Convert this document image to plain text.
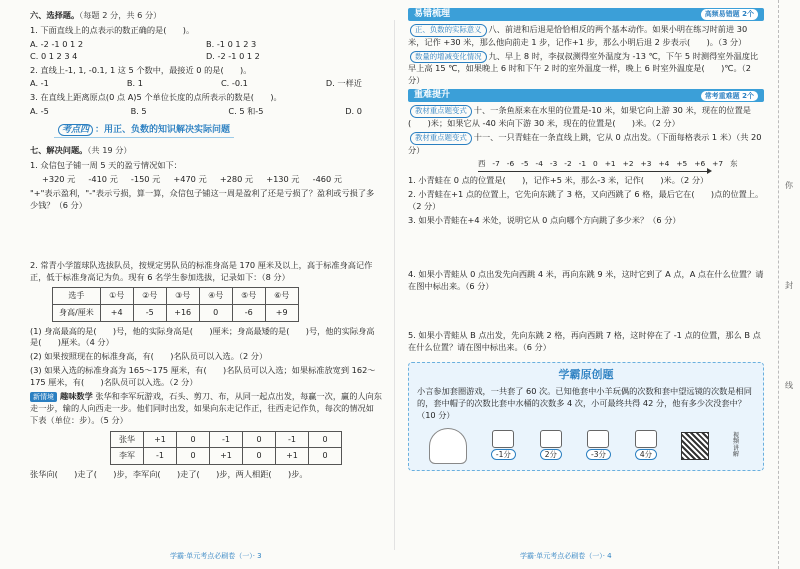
六、选择题。（每题 2 分，共 6 分）
1. 下面直线上的点表示的数正确的是(　　)。
A. -2 -1 0 1 2	B. -1 0 1 2 3
C. 0 1 2 3 4	D. -2 -1 0 1 2
2. 直线上-1, 1, -0.1, 1 这 5 个数中，最接近 0 的是(　　)。
A. -1	B. 1	C. -0.1	D. 一样近
3. 在直线上距离原点(0 点 A)5 个单位长度的点所表示的数是(　　)。
A. -5	B. 5	C. 5 和-5	D. 0
考点四 ：用正、负数的知识解决实际问题
七、解决问题。（共 19 分）
1. 众信包子铺一周 5 天的盈亏情况如下：
+320 元 -410 元 -150 元 +470 元 +280 元 +130 元 -460 元
"+"表示盈利，"-"表示亏损，算一算，众信包子铺这一周是盈利了还是亏损了？盈利或亏损了多少钱？（6 分）
2. 常青小学篮球队选拔队员，按规定男队员的标准身高是 170 厘米及以上，高于标准身高记作正，低于标准身高记为负。现有 6 名学生参加选拔，记录如下：（8 分）
选手	①号	②号	③号	④号	⑤号	⑥号
身高/厘米	+4	-5	+16	0	-6	+9
(1) 身高最高的是(　　)号，他的实际身高是(　　)厘米；身高最矮的是(　　)号，他的实际身高是(　　)厘米。（4 分）
(2) 如果按照现在的标准身高，有(　　)名队员可以入选。（2 分）
(3) 如果入选的标准身高为 165～175 厘米，有(　　)名队员可以入选；如果标准放宽到 162～175 厘米，有(　　)名队员可以入选。（2 分）
新情境 趣味数学 张华和李军玩游戏，石头、剪刀、布，从同一起点出发，每赢一次，赢的人向东走一步，输的人向西走一步。他们同时出发，如果向东走记作正，往西走记作负，每次的情况如下表（单位：步）。（5 分）
张华	+1	0	-1	0	-1	0
李军	-1	0	+1	0	+1	0
张华向(　　)走了(　　)步，李军向(　　)走了(　　)步，两人相距(　　)步。
学霸·单元考点必刷卷（一）· 3
易错梳理	高频易错题 2个
正、负数的实际意义 八、前进和后退是恰恰相反的两个基本动作。如果小明在练习时前进 30 米，记作 +30 米，那么他向前走 1 步，记作+1 步，那么小明后退 2 步表示(　　)。（3 分）
数量的增减变化情况 九、早上 8 时，李叔叔测得室外温度为 -13 ℃，下午 5 时测得室外温度比早上高 15 ℃，如果晚上 6 时和下午 2 时的室外温度一样，晚上 6 时室外温度是(　　)℃。（2 分）
重难提升	常考重难题 2个
教材重点题变式 十、一条鱼原来在水里的位置是-10 米，如果它向上游 30 米，现在的位置是(　　)米；如果它从 -40 米向下游 30 米，现在的位置是(　　)米。（2 分）
教材重点题变式 十一、一只青蛙在一条直线上跳，它从 0 点出发。（下面每格表示 1 米）（共 20 分）
西 -7 -6 -5 -4 -3 -2 -1 0 +1 +2 +3 +4 +5 +6 +7 东
1. 小青蛙在 0 点的位置是(　　)，记作+5 米，那么-3 米，记作(　　)米。（2 分）
2. 小青蛙在+1 点的位置上，它先向东跳了 3 格，又向西跳了 6 格，最后它在(　　)点的位置上。（2 分）
3. 如果小青蛙在+4 米处，说明它从 0 点向哪个方向跳了多少米？（6 分）
4. 如果小青蛙从 0 点出发先向西跳 4 米，再向东跳 9 米，这时它到了 A 点，A 点在什么位置？请在图中标出来。（6 分）
5. 如果小青蛙从 B 点出发，先向东跳 2 格，再向西跳 7 格，这时停在了 -1 点的位置，那么 B 点在什么位置？请在图中标出来。（6 分）
学霸原创题
小言参加套圈游戏，一共套了 60 次。已知他套中小羊玩偶的次数和套中望远镜的次数是相同的，套中帽子的次数比套中水桶的次数多 4 次，小可最终共得 42 分，他有多少次没套中？（10 分）
-1分	2分	-3分	4分
视频讲解
学霸·单元考点必刷卷（一）· 4
你
封
线
